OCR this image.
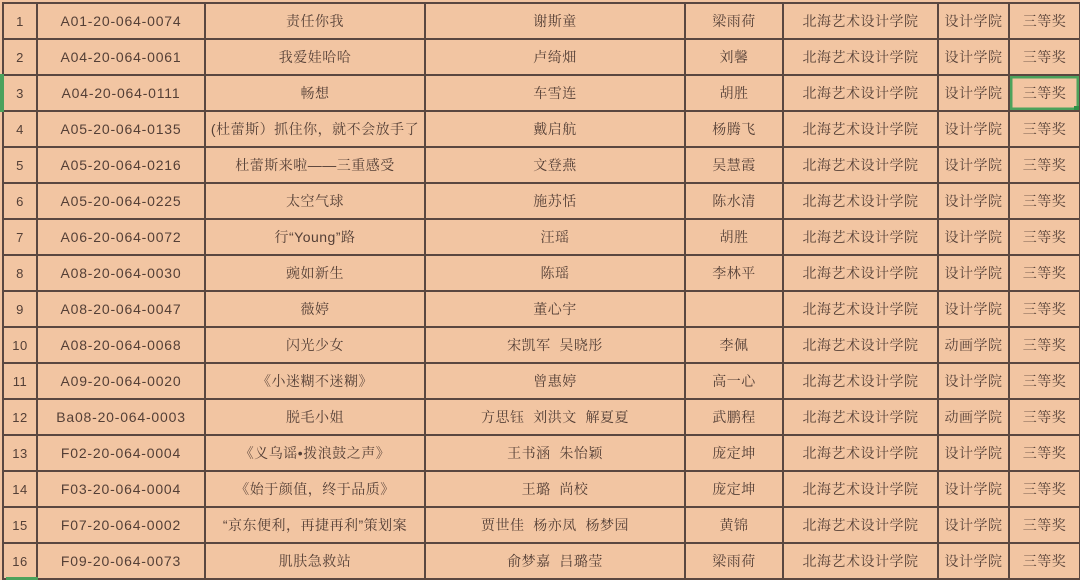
1	A01-20-064-0074	责任你我	谢斯童	梁雨荷	北海艺术设计学院	设计学院	三等奖
2	A04-20-064-0061	我爱娃哈哈	卢绮畑	刘馨	北海艺术设计学院	设计学院	三等奖
3	A04-20-064-0111	畅想	车雪连	胡胜	北海艺术设计学院	设计学院	三等奖
4	A05-20-064-0135	(杜蕾斯）抓住你，就不会放手了	戴启航	杨腾飞	北海艺术设计学院	设计学院	三等奖
5	A05-20-064-0216	杜蕾斯来啦——三重感受	文登燕	吴慧霞	北海艺术设计学院	设计学院	三等奖
6	A05-20-064-0225	太空气球	施苏恬	陈水清	北海艺术设计学院	设计学院	三等奖
7	A06-20-064-0072	行“Young”路	汪瑶	胡胜	北海艺术设计学院	设计学院	三等奖
8	A08-20-064-0030	豌如新生	陈瑶	李林平	北海艺术设计学院	设计学院	三等奖
9	A08-20-064-0047	薇婷	董心宇		北海艺术设计学院	设计学院	三等奖
10	A08-20-064-0068	闪光少女	宋凯军  吴晓彤	李佩	北海艺术设计学院	动画学院	三等奖
11	A09-20-064-0020	《小迷糊不迷糊》	曾惠婷	高一心	北海艺术设计学院	设计学院	三等奖
12	Ba08-20-064-0003	脱毛小姐	方思钰  刘洪文  解夏夏	武鹏程	北海艺术设计学院	动画学院	三等奖
13	F02-20-064-0004	《义乌谣•拨浪鼓之声》	王书涵  朱怡颖	庞定坤	北海艺术设计学院	设计学院	三等奖
14	F03-20-064-0004	《始于颜值，终于品质》	王璐  尚校	庞定坤	北海艺术设计学院	设计学院	三等奖
15	F07-20-064-0002	“京东便利，再捷再利”策划案	贾世佳  杨亦凤  杨梦园	黄锦	北海艺术设计学院	设计学院	三等奖
16	F09-20-064-0073	肌肤急救站	俞梦嘉  吕璐莹	梁雨荷	北海艺术设计学院	设计学院	三等奖
